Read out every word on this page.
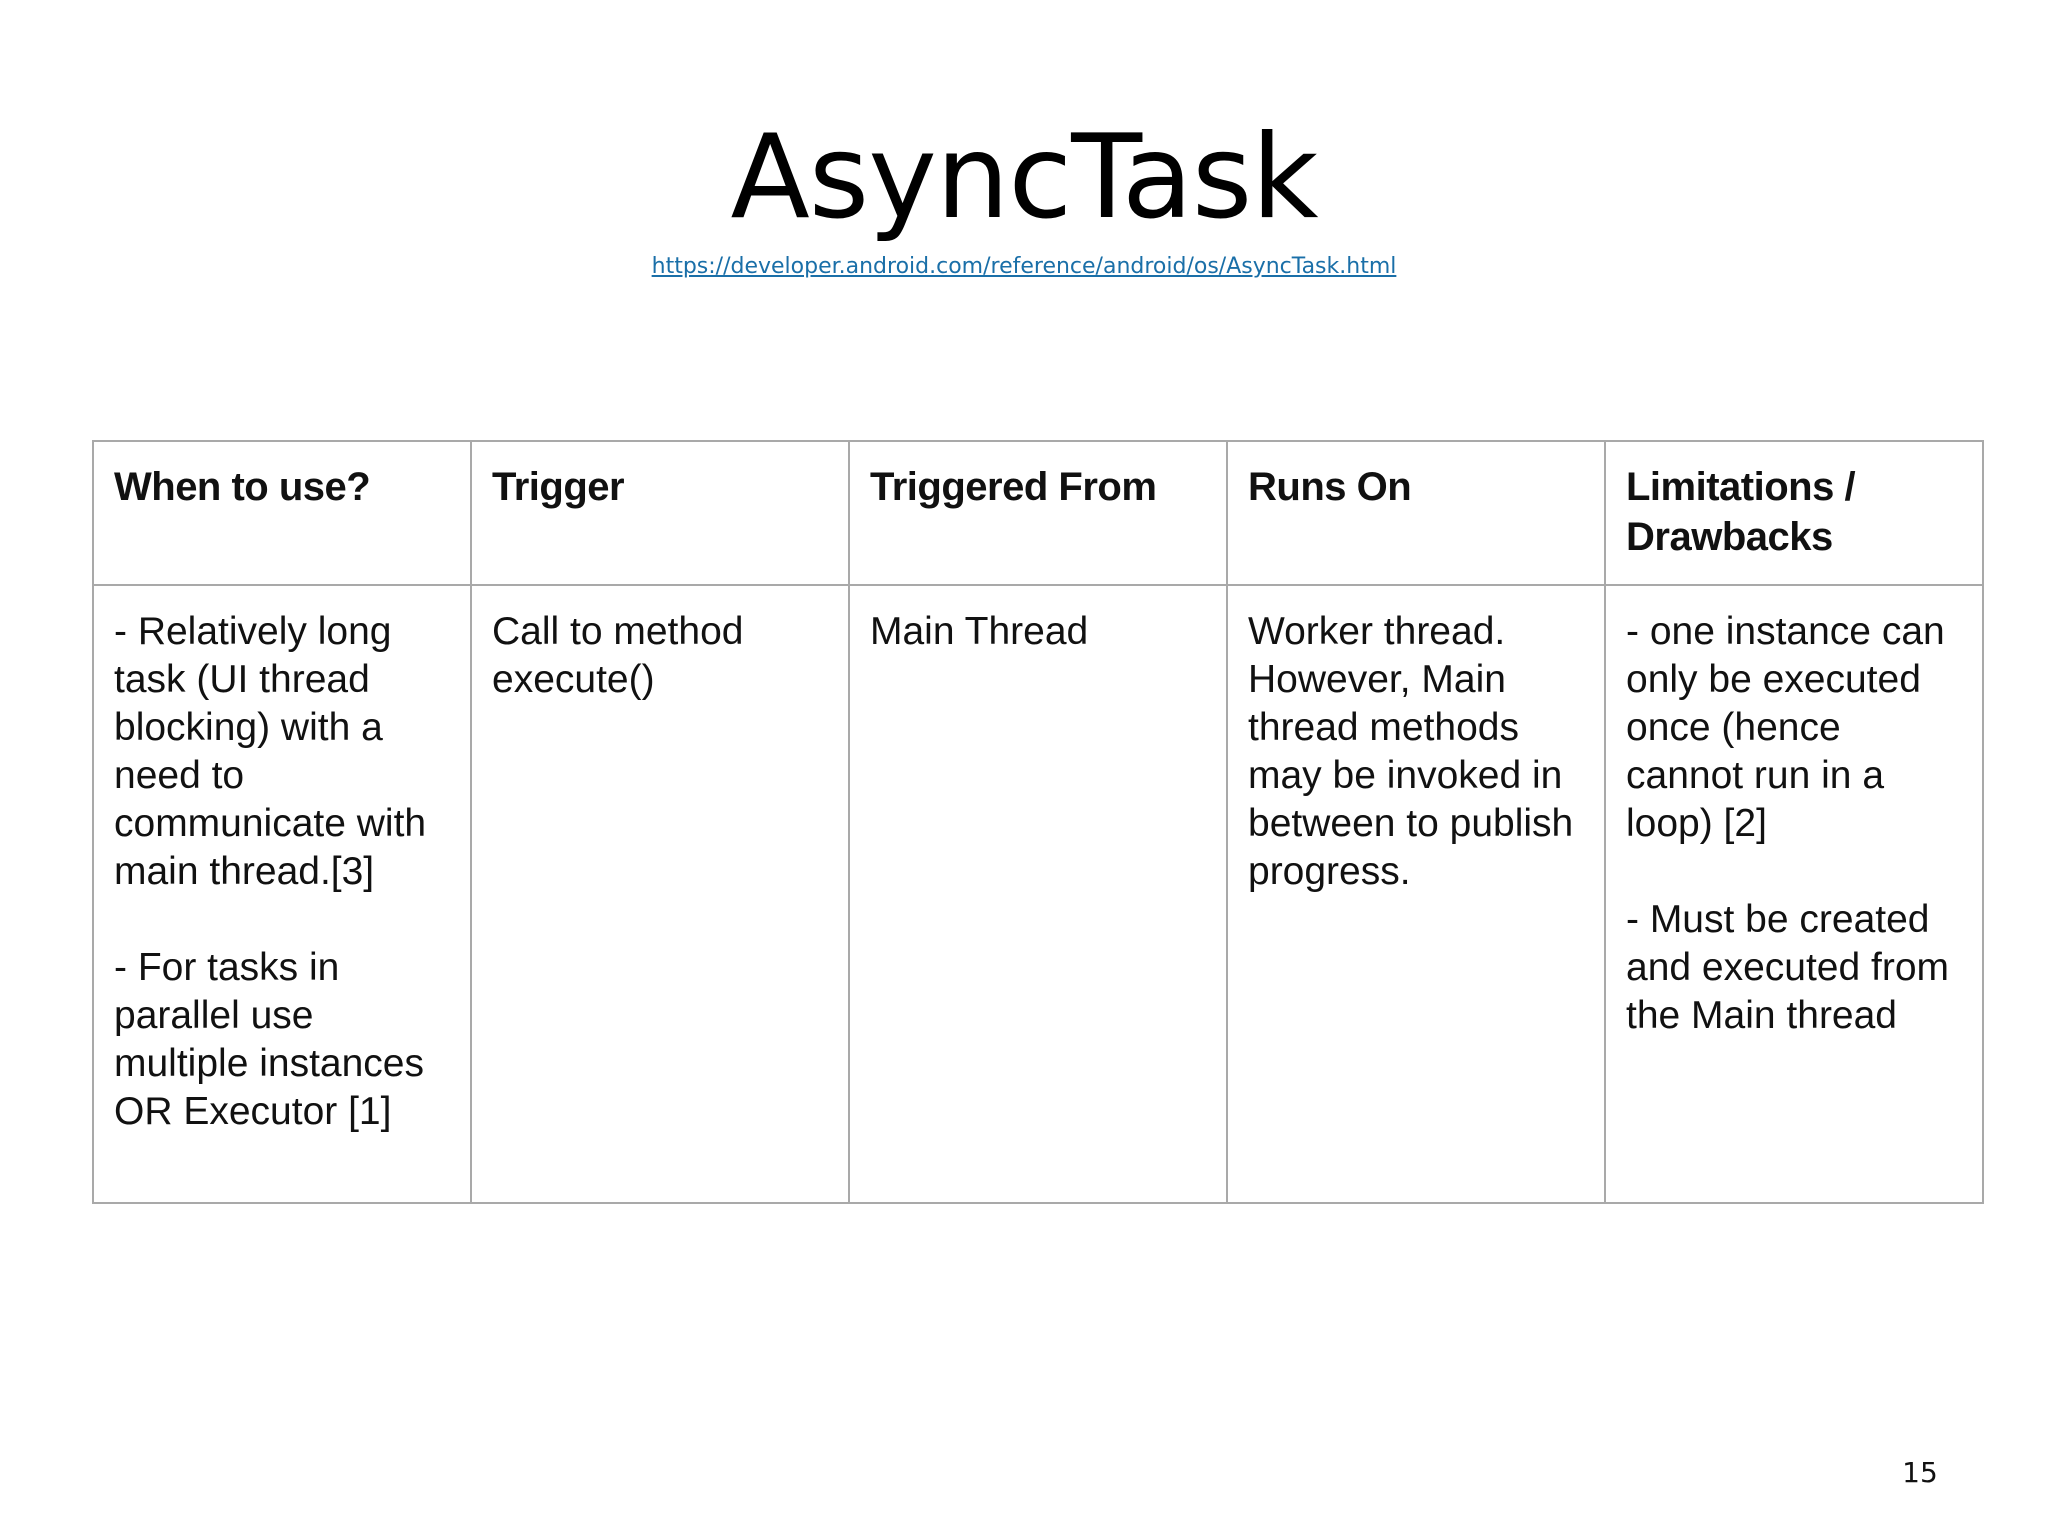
AsyncTask
https://developer.android.com/reference/android/os/AsyncTask.html
When to use?	Trigger	Triggered From	Runs On	Limitations /
Drawbacks

- Relatively long task (UI thread blocking) with a need to communicate with main thread.[3]
- For tasks in parallel use multiple instances OR Executor [1]	Call to method execute()	Main Thread	Worker thread. However, Main thread methods may be invoked in between to publish progress.	- one instance can only be executed once (hence cannot run in a loop) [2]
- Must be created and executed from the Main thread
15
